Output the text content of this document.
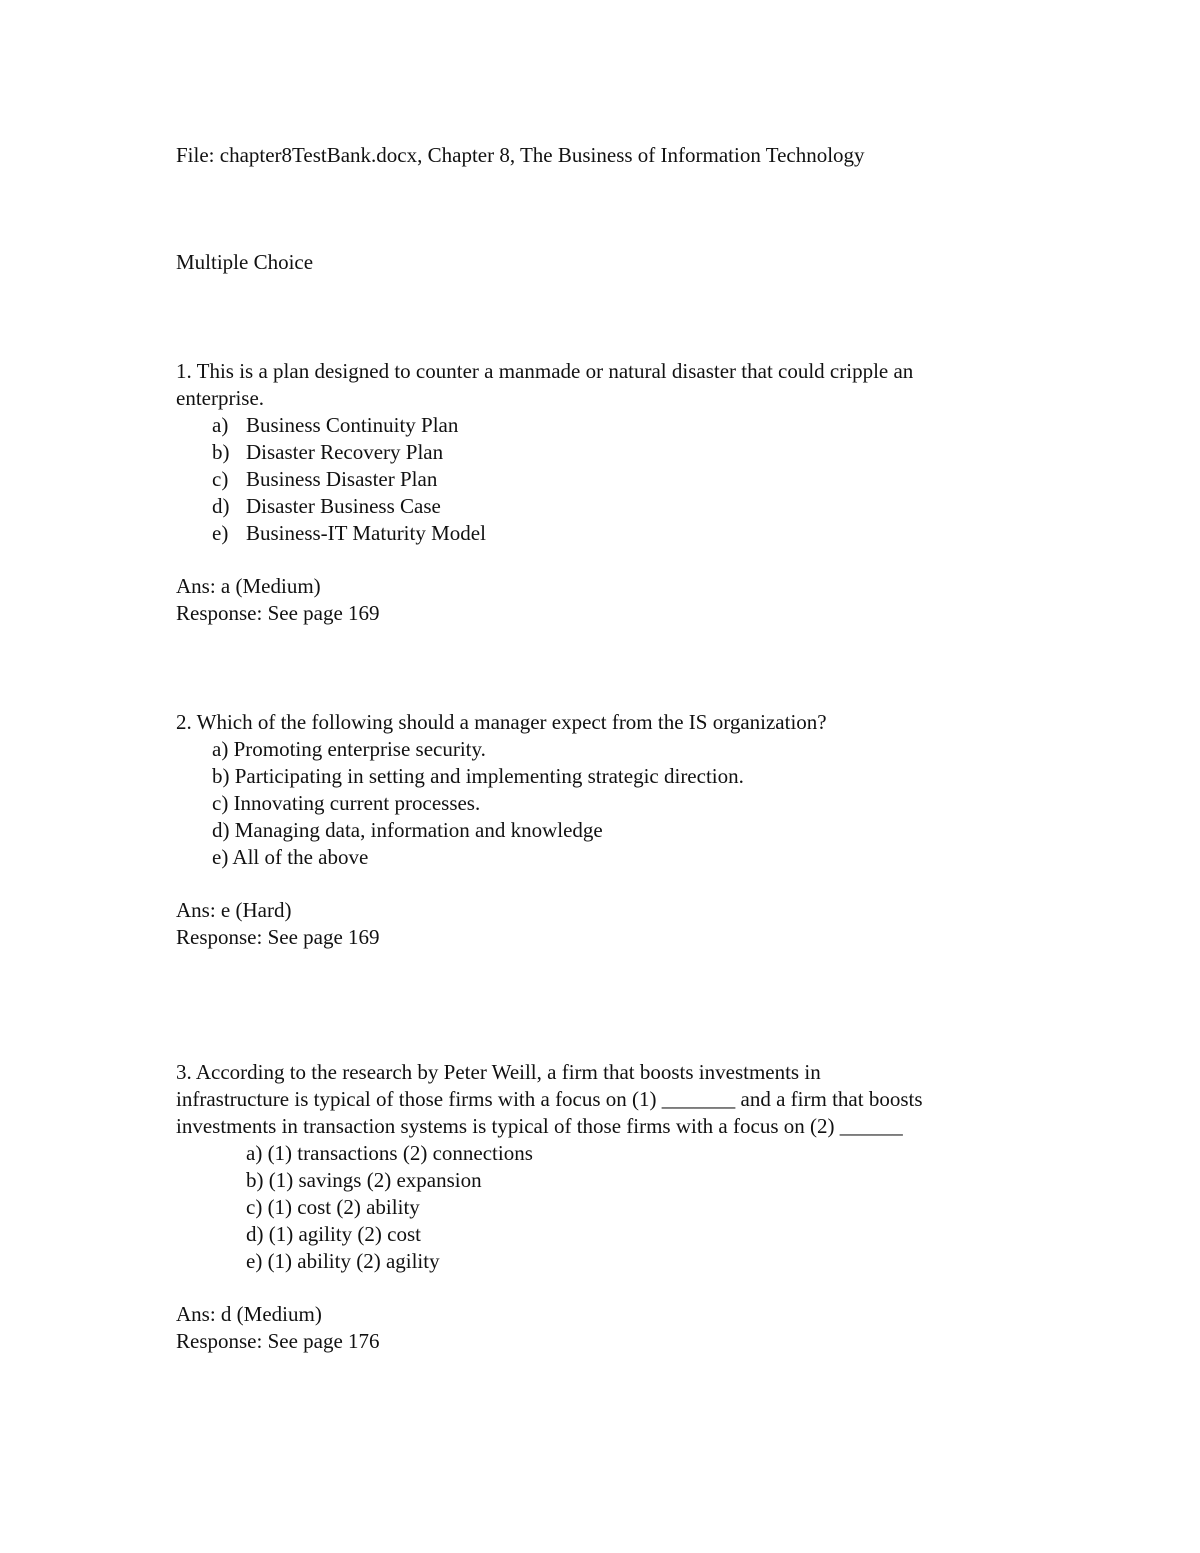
File: chapter8TestBank.docx, Chapter 8, The Business of Information Technology

Multiple Choice

1. This is a plan designed to counter a manmade or natural disaster that could cripple an

enterprise.

a) Business Continuity Plan
b) Disaster Recovery Plan
c) Business Disaster Plan
d) Disaster Business Case
e) Business-IT Maturity Model

Ans: a (Medium)

Response: See page 169

2. Which of the following should a manager expect from the IS organization?

a) Promoting enterprise security.
b) Participating in setting and implementing strategic direction.
c) Innovating current processes.
d) Managing data, information and knowledge
e) All of the above

Ans: e (Hard)

Response: See page 169

3. According to the research by Peter Weill, a firm that boosts investments in

infrastructure is typical of those firms with a focus on (1) _______ and a firm that boosts

investments in transaction systems is typical of those firms with a focus on (2) ______

a) (1) transactions (2) connections
b) (1) savings (2) expansion
c) (1) cost (2) ability
d) (1) agility (2) cost
e) (1) ability (2) agility

Ans: d (Medium)

Response: See page 176
